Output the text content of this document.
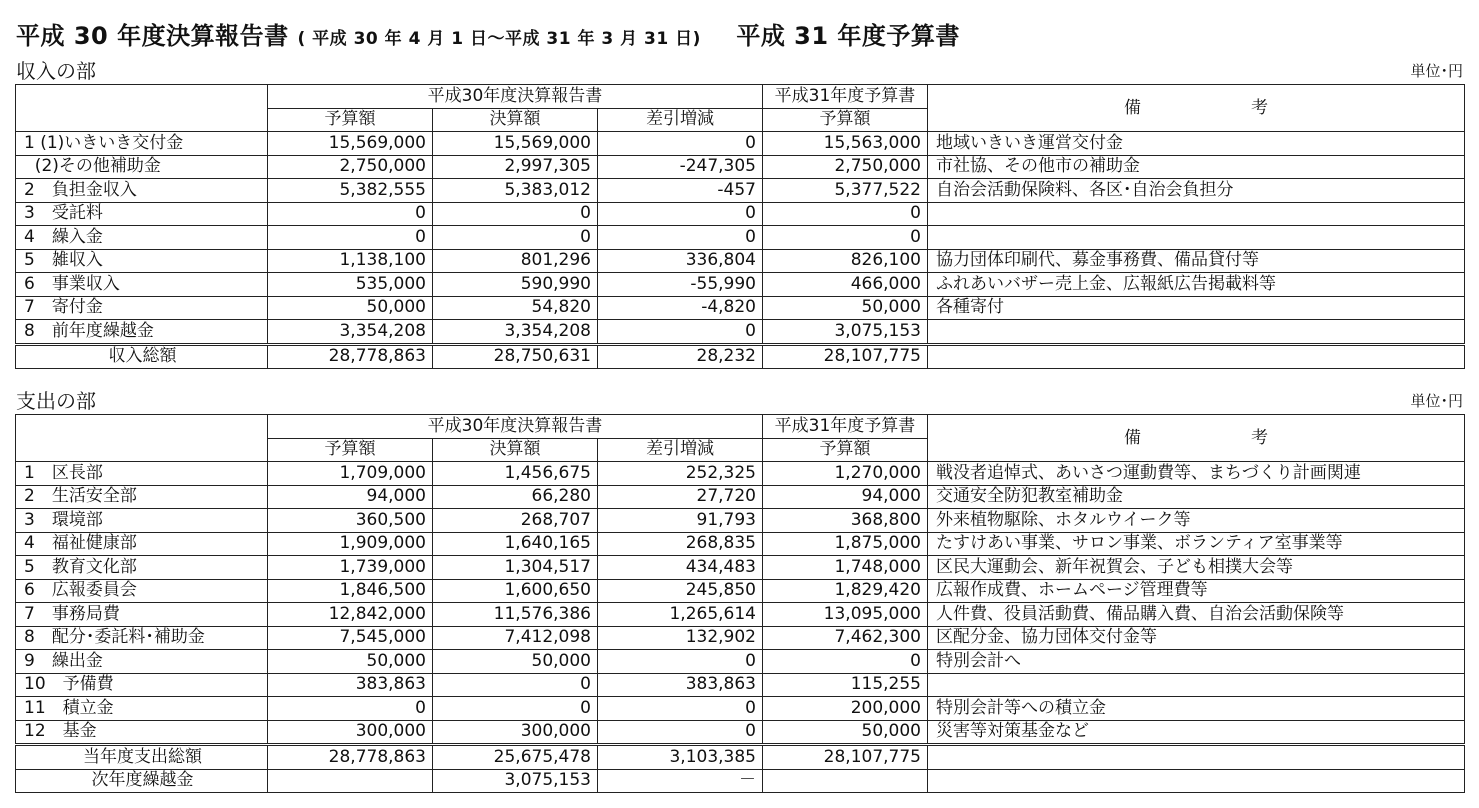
平成 30 年度決算報告書 ( 平成 30 年 4 月 1 日～平成 31 年 3 月 31 日) 平成 31 年度予算書
収入の部	単位･円
	平成30年度決算報告書			平成31年度予算書	備 考
	予算額	決算額	差引増減	予算額	
1 (1)いきいき交付金	15,569,000	15,569,000	0	15,563,000	地域いきいき運営交付金
(2)その他補助金	2,750,000	2,997,305	-247,305	2,750,000	市社協、その他市の補助金
2　負担金収入	5,382,555	5,383,012	-457	5,377,522	自治会活動保険料、各区･自治会負担分
3　受託料	0	0	0	0	
4　繰入金	0	0	0	0	
5　雑収入	1,138,100	801,296	336,804	826,100	協力団体印刷代、募金事務費、備品貸付等
6　事業収入	535,000	590,990	-55,990	466,000	ふれあいバザー売上金、広報紙広告掲載料等
7　寄付金	50,000	54,820	-4,820	50,000	各種寄付
8　前年度繰越金	3,354,208	3,354,208	0	3,075,153	
収入総額	28,778,863	28,750,631	28,232	28,107,775	
支出の部	単位･円
	平成30年度決算報告書			平成31年度予算書	備 考
	予算額	決算額	差引増減	予算額	
1　区長部	1,709,000	1,456,675	252,325	1,270,000	戦没者追悼式、あいさつ運動費等、まちづくり計画関連
2　生活安全部	94,000	66,280	27,720	94,000	交通安全防犯教室補助金
3　環境部	360,500	268,707	91,793	368,800	外来植物駆除、ホタルウイーク等
4　福祉健康部	1,909,000	1,640,165	268,835	1,875,000	たすけあい事業、サロン事業、ボランティア室事業等
5　教育文化部	1,739,000	1,304,517	434,483	1,748,000	区民大運動会、新年祝賀会、子ども相撲大会等
6　広報委員会	1,846,500	1,600,650	245,850	1,829,420	広報作成費、ホームページ管理費等
7　事務局費	12,842,000	11,576,386	1,265,614	13,095,000	人件費、役員活動費、備品購入費、自治会活動保険等
8　配分･委託料･補助金	7,545,000	7,412,098	132,902	7,462,300	区配分金、協力団体交付金等
9　繰出金	50,000	50,000	0	0	特別会計へ
10　予備費	383,863	0	383,863	115,255	
11　積立金	0	0	0	200,000	特別会計等への積立金
12　基金	300,000	300,000	0	50,000	災害等対策基金など
当年度支出総額	28,778,863	25,675,478	3,103,385	28,107,775	
次年度繰越金		3,075,153	－		
